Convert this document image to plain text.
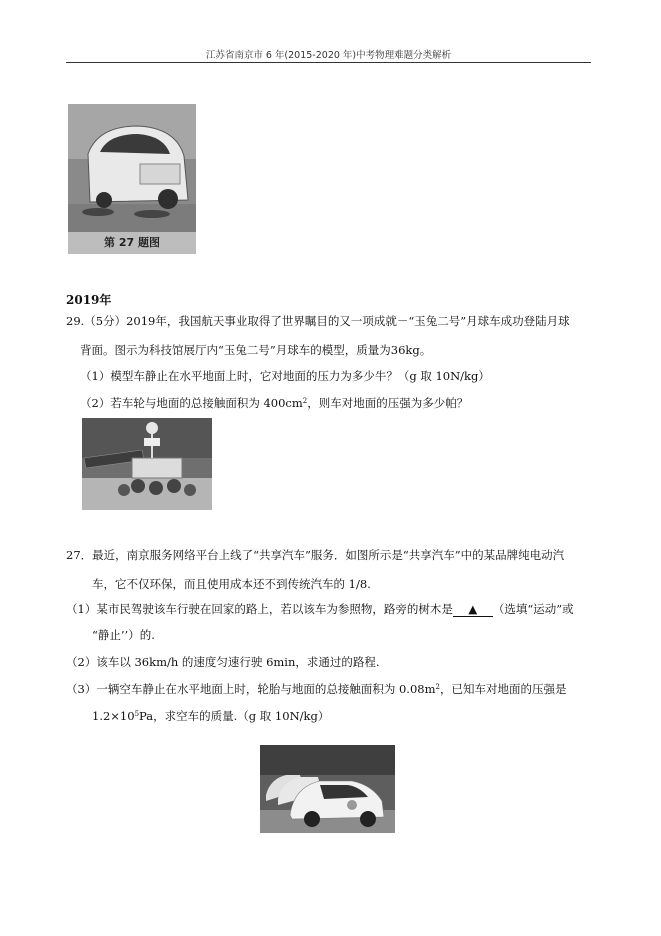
江苏省南京市 6 年(2015-2020 年)中考物理难题分类解析
第 27 题图
2019年
29.（5分）2019年，我国航天事业取得了世界瞩目的又一项成就－“玉兔二号”月球车成功登陆月球
背面。图示为科技馆展厅内“玉兔二号”月球车的模型，质量为36kg。
（1）模型车静止在水平地面上时，它对地面的压力为多少牛？（g 取 10N/kg）
（2）若车轮与地面的总接触面积为 $400cm^2$，则车对地面的压强为多少帕？
27．最近，南京服务网络平台上线了“共享汽车”服务．如图所示是“共享汽车”中的某品牌纯电动汽
车，它不仅环保，而且使用成本还不到传统汽车的 1/8.
（1）某市民驾驶该车行驶在回家的路上，若以该车为参照物，路旁的树木是 ▲ （选填“运动”或
“静止’’）的.
（2）该车以 36km/h 的速度匀速行驶 6min，求通过的路程.
（3）一辆空车静止在水平地面上时，轮胎与地面的总接触面积为 $0.08m^2$，已知车对地面的压强是
$1.2\times 10^5Pa$，求空车的质量.（g 取 10N/kg）
